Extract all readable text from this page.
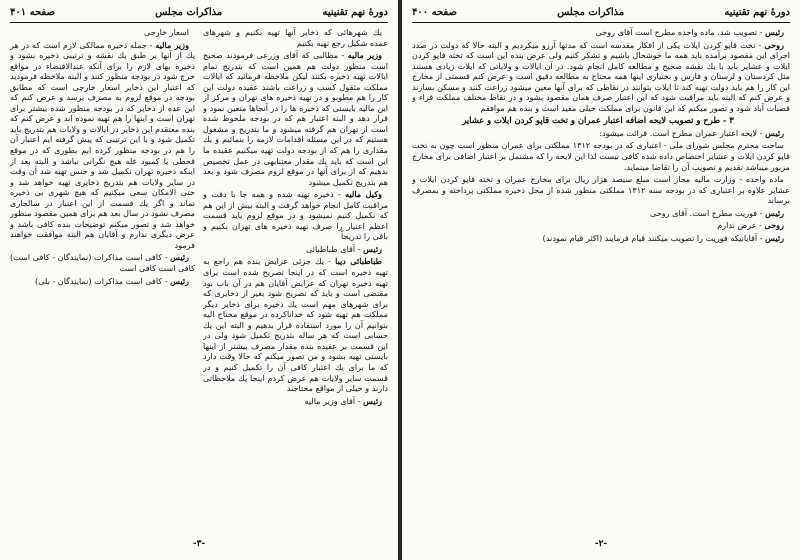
دورهٔ نهم تقنینیه
مذاکرات مجلس
صفحه ۴۰۱

یك شهرهائی که ذخایر آنها تهیه بکنیم و شهرهای عمده شکیل رجع تهیه بکنیم

وزیر مالیه - مطالبی که آقای وزرعی فرمودند صحیح است منظور دولت هم همین است که بتدریج تمام ایالات تهیه ذخیره بکنند لیکن ملاحظه فرمائید که ایالات مملکت مثقول کسب و زراعت باشند عقیده دولت این کار را هم مطوبو و در تهیه ذخیره های تهران و مرکز از این مالیه بایستی که ذخیره ها را در آنجاها متعین نمود و قرار دهد و البته اعتبار هم که در بودجه ملحوظ شده است از تهران هم گرفته میشود و ما بتدریج و مشغول هستیم که در این مسئله اقدامات لازمه را بنمائیم و یك مقداری را هم که از بودجه دولت تهیه میکنیم عقیده ما این است که باید یك مقدار معتنابهی در عمل تخصیص بدهیم که از برای آنها در موقع لزوم مصرف شود و بعد هم بتدریج تکمیل میشود

وکیل مالیه - ذخیره تهیه شده و همه جا با دقت و مراقبت کامل انجام خواهد گرفت و البته بیش از این هم که تکمیل کنیم نمیشود و در موقع لزوم باید قسمت اعظم اعتبار را صرف تهیه ذخیره های تهران بکنیم و باقی را تدریجاً

رئیس - آقای طباطبائی

طباطبائی دیبا - یك جزئی عرایض بنده هم راجع به تهیه ذخیره است که در اینجا تصریح شده است برای تهیه ذخیره تهران که عرایض آقایان هم در آن باب بود مقتضی است و باید که تصریح شود بغیر از ذخایری که برای شهرهای مهم است یك ذخیره برای ذخایر دیگر مملکت هم تهیه شود که خداناکرده در موقع محتاج الیه بتوانیم آن را مورد استفاده قرار بدهیم و البته این یك حسابی است که هر ساله بتدریج تکمیل شود ولی در این قسمت بر عقیده بنده مقدار مصرف بیشتر از اینها بایستی تهیه بشود و من تصور میکنم که حالا وقت دارد که ما برای یك اعتبار کافی آن را تکمیل کنیم و در قسمت سایر ولایات هم عرض کردم اینجا یك ملاحظاتی دارند و خیلی از مواقع محتاجند

رئیس - آقای وزیر مالیه

اسعار خارجی

وزیر مالیه - جمله ذخیره ممالکی لازم است که در هر یك از آنها بر طبق یك نقشه و ترتیبی ذخیره بشود و ذخیره بهای لازم را برای آنکه عندالاقتضاء در مواقع خرج شود در بودجه منظور کنند و البته ملاحظه فرمودید که اعتبار این ذخایر اسعار خارجی است که مطابق بودجه در موقع لزوم به مصرف برسد و عرض کنم که این عده از ذخایر که در بودجه منظور شده بیشتر برای تهران است و اینها را هم تهیه نموده اند و عرض کنم که بنده معتقدم این ذخایر در ایالات و ولایات هم بتدریج باید تکمیل شود و با این ترتیبی که پیش گرفته ایم اعتبار آن را هم در بودجه منظور کرده ایم بطوری که در موقع قحطی یا کمبود غله هیچ نگرانی نباشد و البته بعد از اینکه ذخیره تهران تکمیل شد و جنس تهیه شد آن وقت در سایر ولایات هم بتدریج ذخایری تهیه خواهد شد و حتی الامکان سعی میکنیم که هیچ شهری بی ذخیره نماند و اگر یك قسمت از این اعتبار در سالجاری مصرف نشود در سال بعد هم برای همین مقصود منظور خواهد شد و تصور میکنم توضیحات بنده کافی باشد و عرض دیگری ندارم و آقایان هم البته موافقت خواهند فرمود

رئیس - کافی است مذاکرات (نمایندگان - کافی است) کافی است کافی است

رئیس - کافی است مذاکرات (نمایندگان - بلی)

-۳-
دورهٔ نهم تقنینیه
مذاکرات مجلس
صفحه ۴۰۰

رئیس - تصویب شد. ماده واحده مطرح است آقای روحی

روحی - تخت قاپو کردن ایلات یکی از افکار مقدسه است که مدتها آرزو میکردیم و البته حالا که دولت در صدد اجرای این مقصود برآمده باید همه ما خوشحال باشیم و تشکر کنیم ولی عرض بنده این است که تخته قاپو کردن ایلات و عشایر باید با یك نقشه صحیح و مطالعه کامل انجام شود. در آن ایالات و ولایاتی که ایلات زیادی هستند مثل کردستان و لرستان و فارس و بختیاری اینها همه محتاج به مطالعه دقیق است و عرض کنم قسمتی از مخارج این کار را هم باید دولت تهیه کند تا ایلات بتوانند در نقاطی که برای آنها معین میشود زراعت کنند و مسکن بسازند و عرض کنم که البته باید مراقبت شود که این اعتبار صرف همان مقصود بشود و در نقاط مختلف مملکت قراء و قصبات آباد شود و تصور میکنم که این قانون برای مملکت خیلی مفید است و بنده هم موافقم

۳ - طرح و تصویب لایحه اضافه اعتبار عمران و تخت قاپو کردن ایلات و عشایر

رئیس - لایحه اعتبار عمران مطرح است. قرائت میشود:

ساحت محترم مجلس شورای ملی - اعتباری که در بودجه ۱۳۱۲ مملکتی برای عمران منظور است چون به تخت قاپو کردن ایلات و عشایر اختصاص داده شده کافی نیست لذا این لایحه را که مشتمل بر اعتبار اضافی برای مخارج مزبور میباشد تقدیم و تصویب آن را تقاضا مینماید.

ماده واحده - وزارت مالیه مجاز است مبلغ سیصد هزار ریال برای مخارج عمران و تخته قاپو کردن ایلات و عشایر علاوه بر اعتباری که در بودجه سنه ۱۳۱۲ مملکتی منظور شده از محل ذخیره مملکتی پرداخته و بمصرف برساند

رئیس - فوریت مطرح است. آقای روحی

روحی - عرض ندارم

رئیس - آقایانیکه فوریت را تصویب میکنند قیام فرمایند (اکثر قیام نمودند)

-۲-
